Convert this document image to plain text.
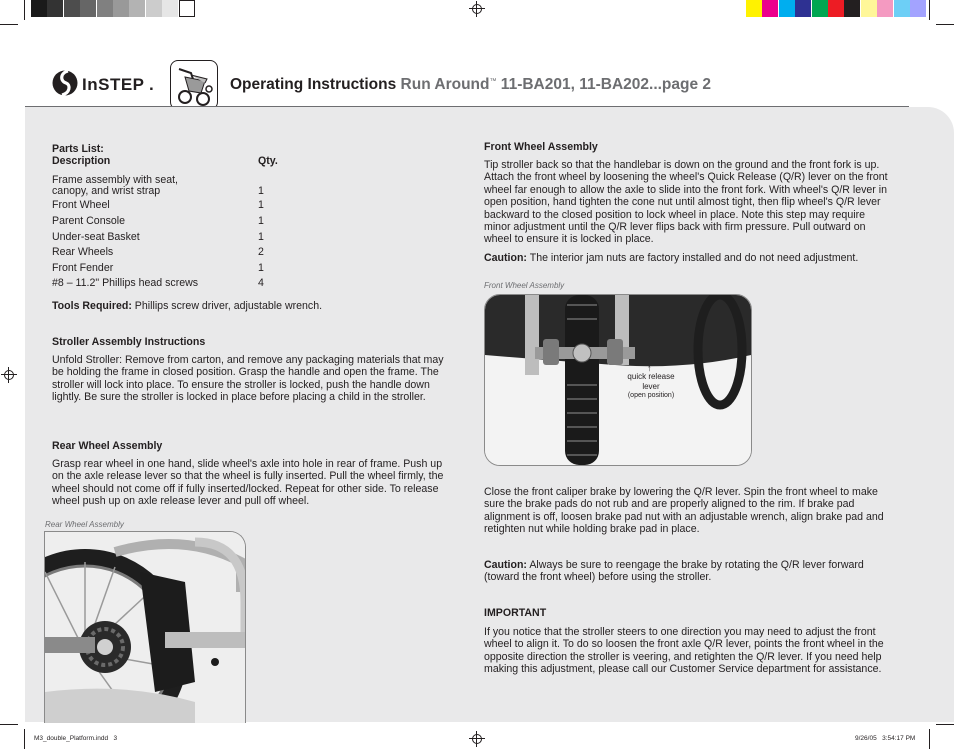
InSTEP .	Operating Instructions Run Around™ 11-BA201, 11-BA202...page 2
Parts List:
Description	Qty.
Frame assembly with seat,
canopy, and wrist strap	1
Front Wheel	1
Parent Console	1
Under-seat Basket	1
Rear Wheels	2
Front Fender	1
#8 – 11.2" Phillips head screws	4
Tools Required: Phillips screw driver, adjustable wrench.
Stroller Assembly Instructions
Unfold Stroller: Remove from carton, and remove any packaging materials that may be holding the frame in closed position. Grasp the handle and open the frame. The stroller will lock into place. To ensure the stroller is locked, push the handle down lightly. Be sure the stroller is locked in place before placing a child in the stroller.
Rear Wheel Assembly
Grasp rear wheel in one hand, slide wheel's axle into hole in rear of frame. Push up on the axle release lever so that the wheel is fully inserted. Pull the wheel firmly, the wheel should not come off if fully inserted/locked. Repeat for other side. To release wheel push up on axle release lever and pull off wheel.
Rear Wheel Assembly
Front Wheel Assembly
Tip stroller back so that the handlebar is down on the ground and the front fork is up. Attach the front wheel by loosening the wheel's Quick Release (Q/R) lever on the front wheel far enough to allow the axle to slide into the front fork. With wheel's Q/R lever in open position, hand tighten the cone nut until almost tight, then flip wheel's Q/R lever backward to the closed position to lock wheel in place. Note this step may require minor adjustment until the Q/R lever flips back with firm pressure. Pull outward on wheel to ensure it is locked in place.
Caution: The interior jam nuts are factory installed and do not need adjustment.
Front Wheel Assembly
↑
quick release
lever
(open position)
Close the front caliper brake by lowering the Q/R lever. Spin the front wheel to make sure the brake pads do not rub and are properly aligned to the rim. If brake pad alignment is off, loosen brake pad nut with an adjustable wrench, align brake pad and retighten nut while holding brake pad in place.
Caution: Always be sure to reengage the brake by rotating the Q/R lever forward (toward the front wheel) before using the stroller.
IMPORTANT
If you notice that the stroller steers to one direction you may need to adjust the front wheel to align it. To do so loosen the front axle Q/R lever, points the front wheel in the opposite direction the stroller is veering, and retighten the Q/R lever. If you need help making this adjustment, please call our Customer Service department for assistance.
M3_double_Platform.indd   3	9/26/05   3:54:17 PM
